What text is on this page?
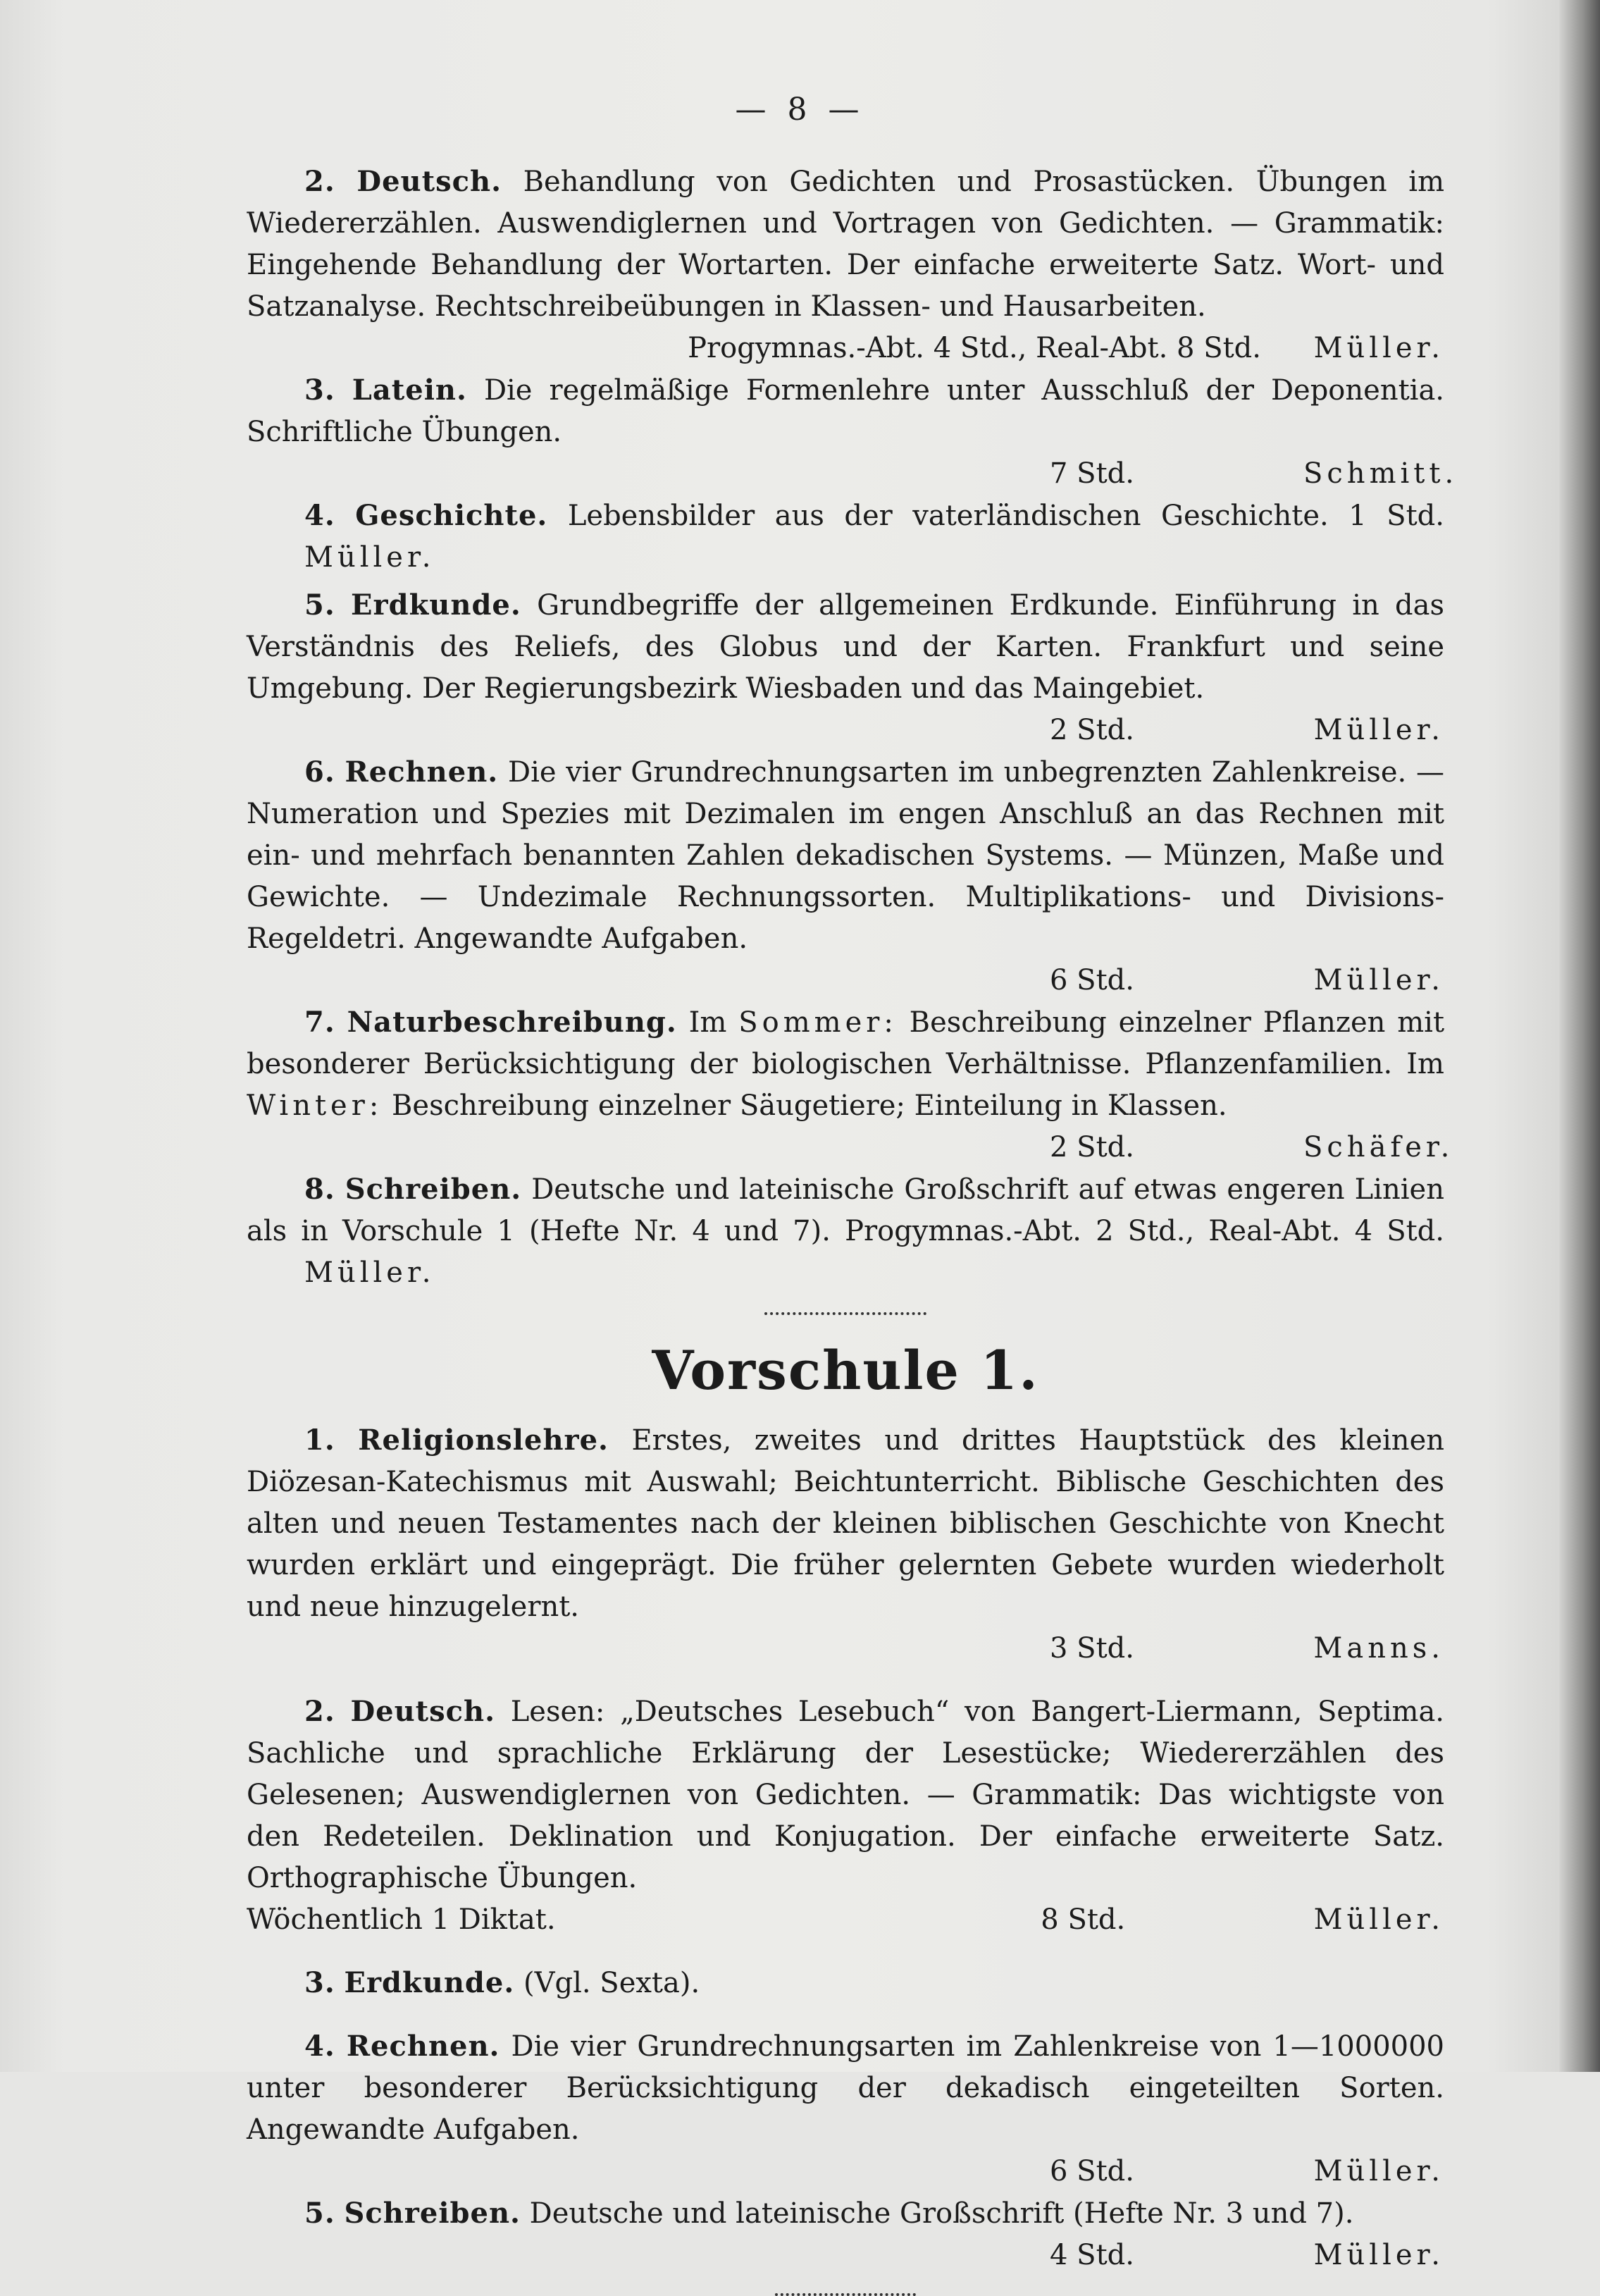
— 8 —

2. Deutsch. Behandlung von Gedichten und Prosastücken. Übungen im Wiedererzählen. Auswendiglernen und Vortragen von Gedichten. — Grammatik: Eingehende Behandlung der Wortarten. Der einfache erweiterte Satz. Wort- und Satzanalyse. Rechtschreibeübungen in Klassen- und Hausarbeiten.

Progymnas.-Abt. 4 Std., Real-Abt. 8 Std.	Müller.

3. Latein. Die regelmäßige Formenlehre unter Ausschluß der Deponentia. Schriftliche Übungen.

7 Std.	Schmitt.

4. Geschichte. Lebensbilder aus der vaterländischen Geschichte. 1 Std. Müller.

5. Erdkunde. Grundbegriffe der allgemeinen Erdkunde. Einführung in das Verständnis des Reliefs, des Globus und der Karten. Frankfurt und seine Umgebung. Der Regierungsbezirk Wiesbaden und das Maingebiet.

2 Std.	Müller.

6. Rechnen. Die vier Grundrechnungsarten im unbegrenzten Zahlenkreise. — Numeration und Spezies mit Dezimalen im engen Anschluß an das Rechnen mit ein- und mehrfach benannten Zahlen dekadischen Systems. — Münzen, Maße und Gewichte. — Undezimale Rechnungssorten. Multiplikations- und Divisions-Regeldetri. Angewandte Aufgaben.

6 Std.	Müller.

7. Naturbeschreibung. Im Sommer: Beschreibung einzelner Pflanzen mit besonderer Berücksichtigung der biologischen Verhältnisse. Pflanzenfamilien. Im Winter: Beschreibung einzelner Säugetiere; Einteilung in Klassen.

2 Std.	Schäfer.

8. Schreiben. Deutsche und lateinische Großschrift auf etwas engeren Linien als in Vorschule 1 (Hefte Nr. 4 und 7). Progymnas.-Abt. 2 Std., Real-Abt. 4 Std. Müller.

Vorschule 1.

1. Religionslehre. Erstes, zweites und drittes Hauptstück des kleinen Diözesan-Katechismus mit Auswahl; Beichtunterricht. Biblische Geschichten des alten und neuen Testamentes nach der kleinen biblischen Geschichte von Knecht wurden erklärt und eingeprägt. Die früher gelernten Gebete wurden wiederholt und neue hinzugelernt.

3 Std.	Manns.

2. Deutsch. Lesen: „Deutsches Lesebuch“ von Bangert-Liermann, Septima. Sachliche und sprachliche Erklärung der Lesestücke; Wiedererzählen des Gelesenen; Auswendiglernen von Gedichten. — Grammatik: Das wichtigste von den Redeteilen. Deklination und Konjugation. Der einfache erweiterte Satz. Orthographische Übungen.

Wöchentlich 1 Diktat.	8 Std.	Müller.

3. Erdkunde. (Vgl. Sexta).

4. Rechnen. Die vier Grundrechnungsarten im Zahlenkreise von 1—1000000 unter besonderer Berücksichtigung der dekadisch eingeteilten Sorten. Angewandte Aufgaben.

6 Std.	Müller.

5. Schreiben. Deutsche und lateinische Großschrift (Hefte Nr. 3 und 7).

4 Std.	Müller.
